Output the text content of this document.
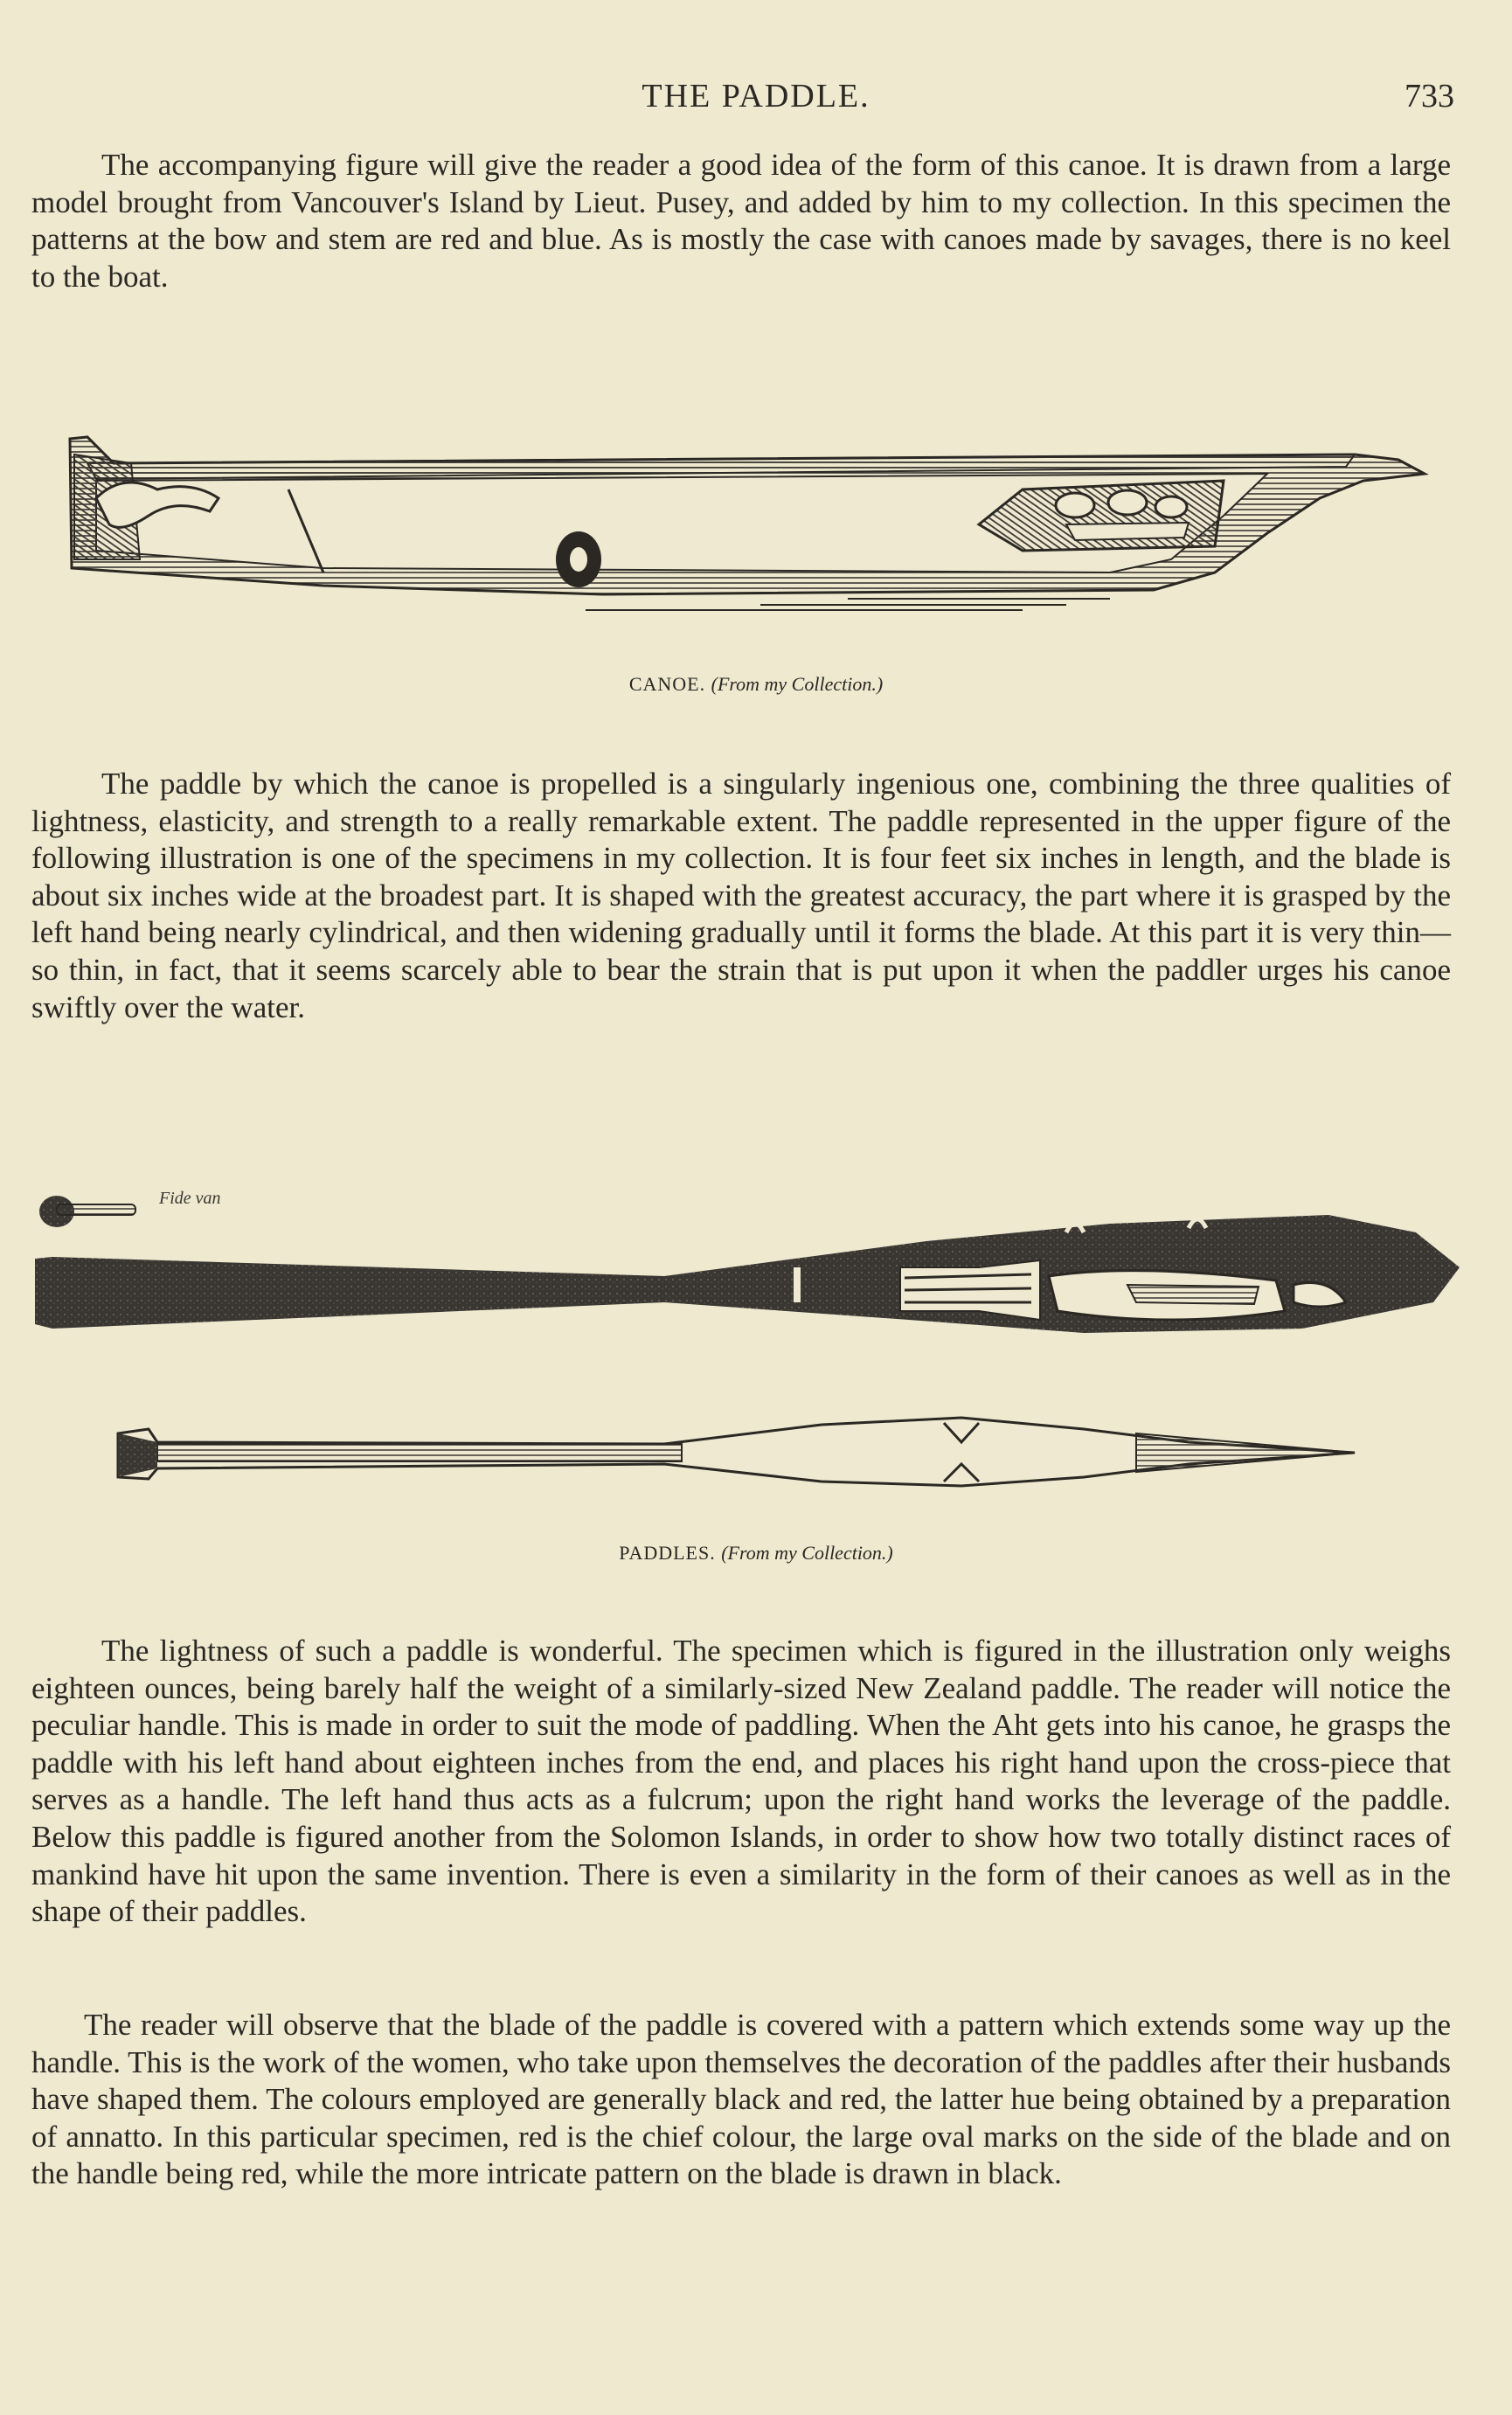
THE PADDLE.	733

The accompanying figure will give the reader a good idea of the form of this canoe. It is drawn from a large model brought from Vancouver's Island by Lieut. Pusey, and added by him to my collection. In this specimen the patterns at the bow and stem are red and blue. As is mostly the case with canoes made by savages, there is no keel to the boat.

CANOE. (From my Collection.)

The paddle by which the canoe is propelled is a singularly ingenious one, combining the three qualities of lightness, elasticity, and strength to a really remarkable extent. The paddle represented in the upper figure of the following illustration is one of the specimens in my collection. It is four feet six inches in length, and the blade is about six inches wide at the broadest part. It is shaped with the greatest accuracy, the part where it is grasped by the left hand being nearly cylindrical, and then widening gradually until it forms the blade. At this part it is very thin—so thin, in fact, that it seems scarcely able to bear the strain that is put upon it when the paddler urges his canoe swiftly over the water.

Fide van
PADDLES. (From my Collection.)

The lightness of such a paddle is wonderful. The specimen which is figured in the illustration only weighs eighteen ounces, being barely half the weight of a similarly-sized New Zealand paddle. The reader will notice the peculiar handle. This is made in order to suit the mode of paddling. When the Aht gets into his canoe, he grasps the paddle with his left hand about eighteen inches from the end, and places his right hand upon the cross-piece that serves as a handle. The left hand thus acts as a fulcrum; upon the right hand works the leverage of the paddle. Below this paddle is figured another from the Solomon Islands, in order to show how two totally distinct races of mankind have hit upon the same invention. There is even a similarity in the form of their canoes as well as in the shape of their paddles.

The reader will observe that the blade of the paddle is covered with a pattern which extends some way up the handle. This is the work of the women, who take upon themselves the decoration of the paddles after their husbands have shaped them. The colours employed are generally black and red, the latter hue being obtained by a preparation of annatto. In this particular specimen, red is the chief colour, the large oval marks on the side of the blade and on the handle being red, while the more intricate pattern on the blade is drawn in black.
